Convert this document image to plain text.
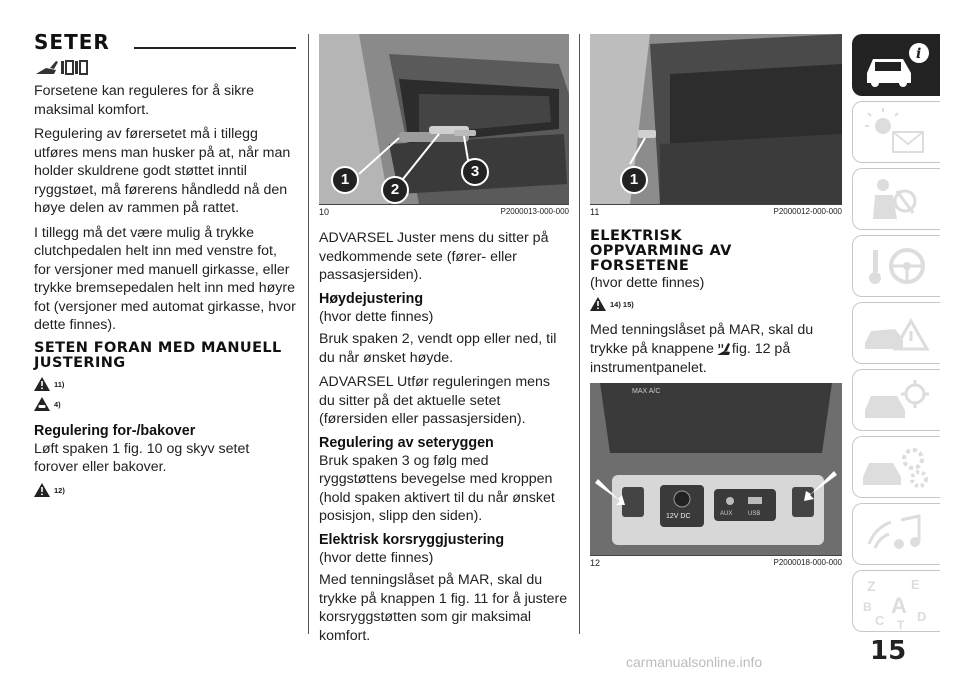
SETER

Forsetene kan reguleres for å sikre maksimal komfort.

Regulering av førersetet må i tillegg utføres mens man husker på at, når man holder skuldrene godt støttet inntil ryggstøet, må førerens håndledd nå den høye delen av rammen på rattet.

I tillegg må det være mulig å trykke clutchpedalen helt inn med venstre fot, for versjoner med manuell girkasse, eller trykke bremsepedalen helt inn med høyre fot (versjoner med automat girkasse, hvor dette finnes).

SETEN FORAN MED MANUELL JUSTERING
11)
4)
Regulering for-/bakover

Løft spaken 1 fig. 10 og skyv setet forover eller bakover.

12)
1
2
3
10	P2000013-000-000

ADVARSEL Juster mens du sitter på vedkommende sete (fører- eller passasjersiden).

Høydejustering

(hvor dette finnes)

Bruk spaken 2, vendt opp eller ned, til du når ønsket høyde.

ADVARSEL Utfør reguleringen mens du sitter på det aktuelle setet (førersiden eller passasjersiden).

Regulering av seteryggen

Bruk spaken 3 og følg med ryggstøttens bevegelse med kroppen (hold spaken aktivert til du når ønsket posisjon, slipp den siden).

Elektrisk korsryggjustering

(hvor dette finnes)

Med tenningslåset på MAR, skal du trykke på knappen 1 fig. 11 for å justere korsryggstøtten som gir maksimal komfort.

1
11	P2000012-000-000
ELEKTRISK OPPVARMING AV FORSETENE

(hvor dette finnes)

14) 15)

Med tenningslåset på MAR, skal du trykke på knappene fig. 12 på instrumentpanelet.

MAX A/C
12V DC	AUX	USB
12	P2000018-000-000
i
Z	E
B A
C T
D
15
carmanualsonline.info
